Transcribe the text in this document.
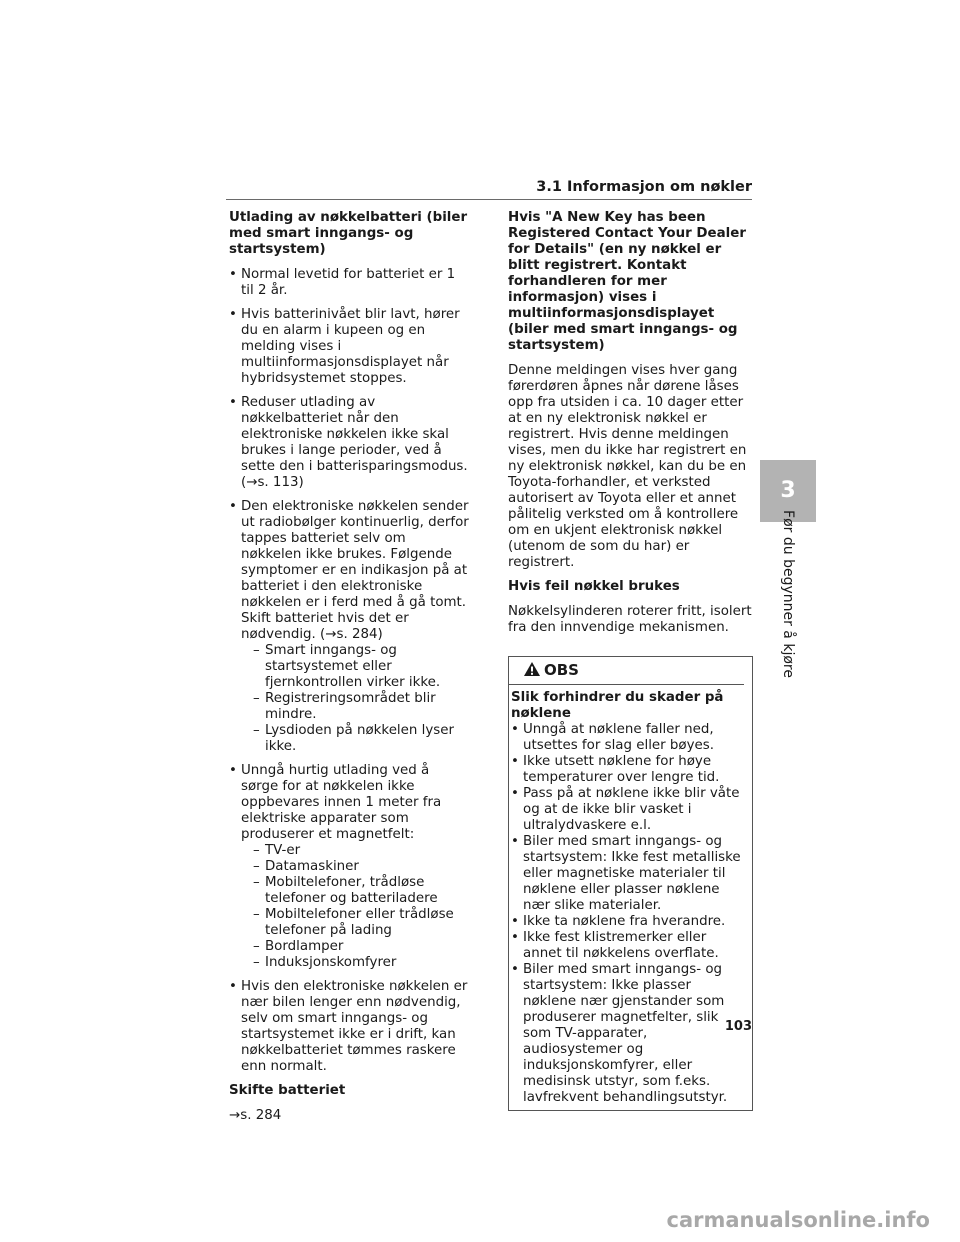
3.1 Informasjon om nøkler
3
Før du begynner å kjøre

Utlading av nøkkelbatteri (biler med smart inngangs- og startsystem)

• Normal levetid for batteriet er 1 til 2 år.

• Hvis batterinivået blir lavt, hører du en alarm i kupeen og en melding vises i multiinformasjonsdisplayet når hybridsystemet stoppes.

• Reduser utlading av nøkkelbatteriet når den elektroniske nøkkelen ikke skal brukes i lange perioder, ved å sette den i batterisparingsmodus. (→s. 113)

• Den elektroniske nøkkelen sender ut radiobølger kontinuerlig, derfor tappes batteriet selv om nøkkelen ikke brukes. Følgende symptomer er en indikasjon på at batteriet i den elektroniske nøkkelen er i ferd med å gå tomt. Skift batteriet hvis det er nødvendig. (→s. 284)

– Smart inngangs- og startsystemet eller fjernkontrollen virker ikke.

– Registreringsområdet blir mindre.

– Lysdioden på nøkkelen lyser ikke.

• Unngå hurtig utlading ved å sørge for at nøkkelen ikke oppbevares innen 1 meter fra elektriske apparater som produserer et magnetfelt:

– TV-er

– Datamaskiner

– Mobiltelefoner, trådløse telefoner og batteriladere

– Mobiltelefoner eller trådløse telefoner på lading

– Bordlamper

– Induksjonskomfyrer

• Hvis den elektroniske nøkkelen er nær bilen lenger enn nødvendig, selv om smart inngangs- og startsystemet ikke er i drift, kan nøkkelbatteriet tømmes raskere enn normalt.

Skifte batteriet

→s. 284

Hvis "A New Key has been Registered Contact Your Dealer for Details" (en ny nøkkel er blitt registrert. Kontakt forhandleren for mer informasjon) vises i multiinformasjonsdisplayet (biler med smart inngangs- og startsystem)

Denne meldingen vises hver gang førerdøren åpnes når dørene låses opp fra utsiden i ca. 10 dager etter at en ny elektronisk nøkkel er registrert. Hvis denne meldingen vises, men du ikke har registrert en ny elektronisk nøkkel, kan du be en Toyota-forhandler, et verksted autorisert av Toyota eller et annet pålitelig verksted om å kontrollere om en ukjent elektronisk nøkkel (utenom de som du har) er registrert.

Hvis feil nøkkel brukes

Nøkkelsylinderen roterer fritt, isolert fra den innvendige mekanismen.

OBS

Slik forhindrer du skader på nøklene

• Unngå at nøklene faller ned, utsettes for slag eller bøyes.

• Ikke utsett nøklene for høye temperaturer over lengre tid.

• Pass på at nøklene ikke blir våte og at de ikke blir vasket i ultralydvaskere e.l.

• Biler med smart inngangs- og startsystem: Ikke fest metalliske eller magnetiske materialer til nøklene eller plasser nøklene nær slike materialer.

• Ikke ta nøklene fra hverandre.

• Ikke fest klistremerker eller annet til nøkkelens overflate.

• Biler med smart inngangs- og startsystem: Ikke plasser nøklene nær gjenstander som produserer magnetfelter, slik som TV-apparater, audiosystemer og induksjonskomfyrer, eller medisinsk utstyr, som f.eks. lavfrekvent behandlingsutstyr.

103
carmanualsonline.info
